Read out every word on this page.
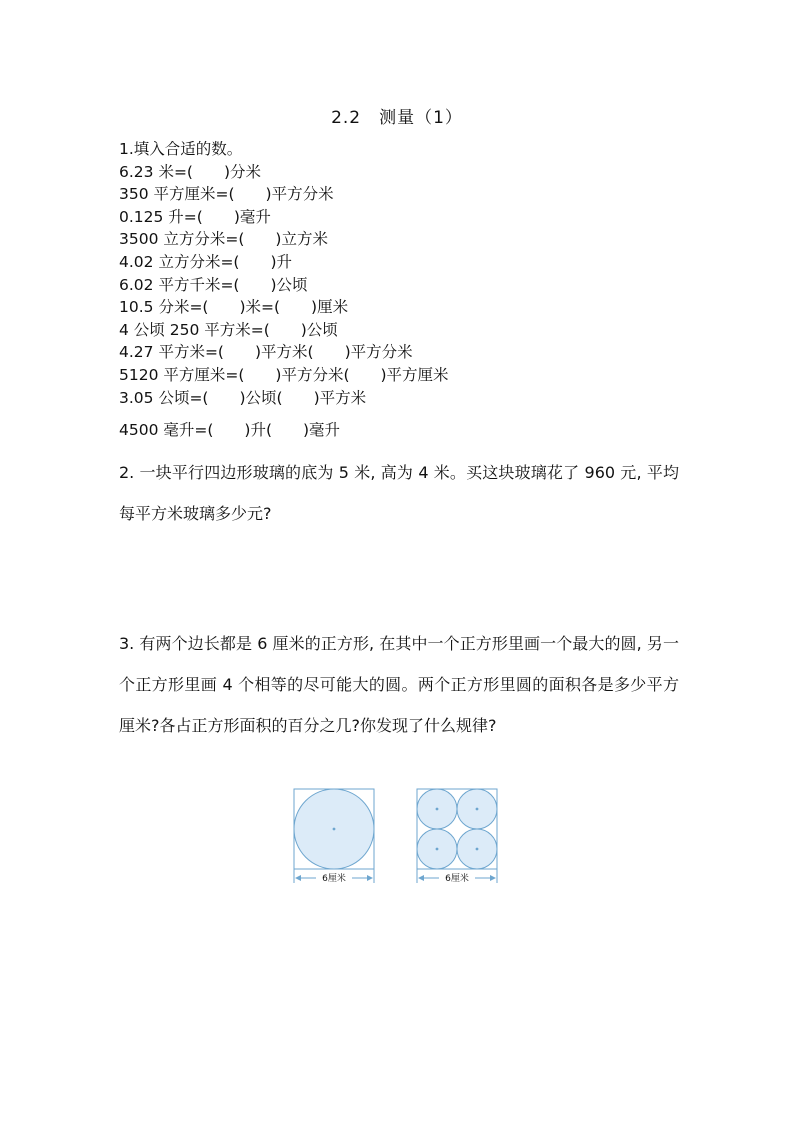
2.2　测量（1）
1.填入合适的数。
6.23 米=(　　)分米
350 平方厘米=(　　)平方分米
0.125 升=(　　)毫升
3500 立方分米=(　　)立方米
4.02 立方分米=(　　)升
6.02 平方千米=(　　)公顷
10.5 分米=(　　)米=(　　)厘米
4 公顷 250 平方米=(　　)公顷
4.27 平方米=(　　)平方米(　　)平方分米
5120 平方厘米=(　　)平方分米(　　)平方厘米
3.05 公顷=(　　)公顷(　　)平方米
4500 毫升=(　　)升(　　)毫升
2. 一块平行四边形玻璃的底为 5 米, 高为 4 米。买这块玻璃花了 960 元, 平均每平方米玻璃多少元?
3. 有两个边长都是 6 厘米的正方形, 在其中一个正方形里画一个最大的圆, 另一个正方形里画 4 个相等的尽可能大的圆。两个正方形里圆的面积各是多少平方厘米?各占正方形面积的百分之几?你发现了什么规律?
6厘米	6厘米
